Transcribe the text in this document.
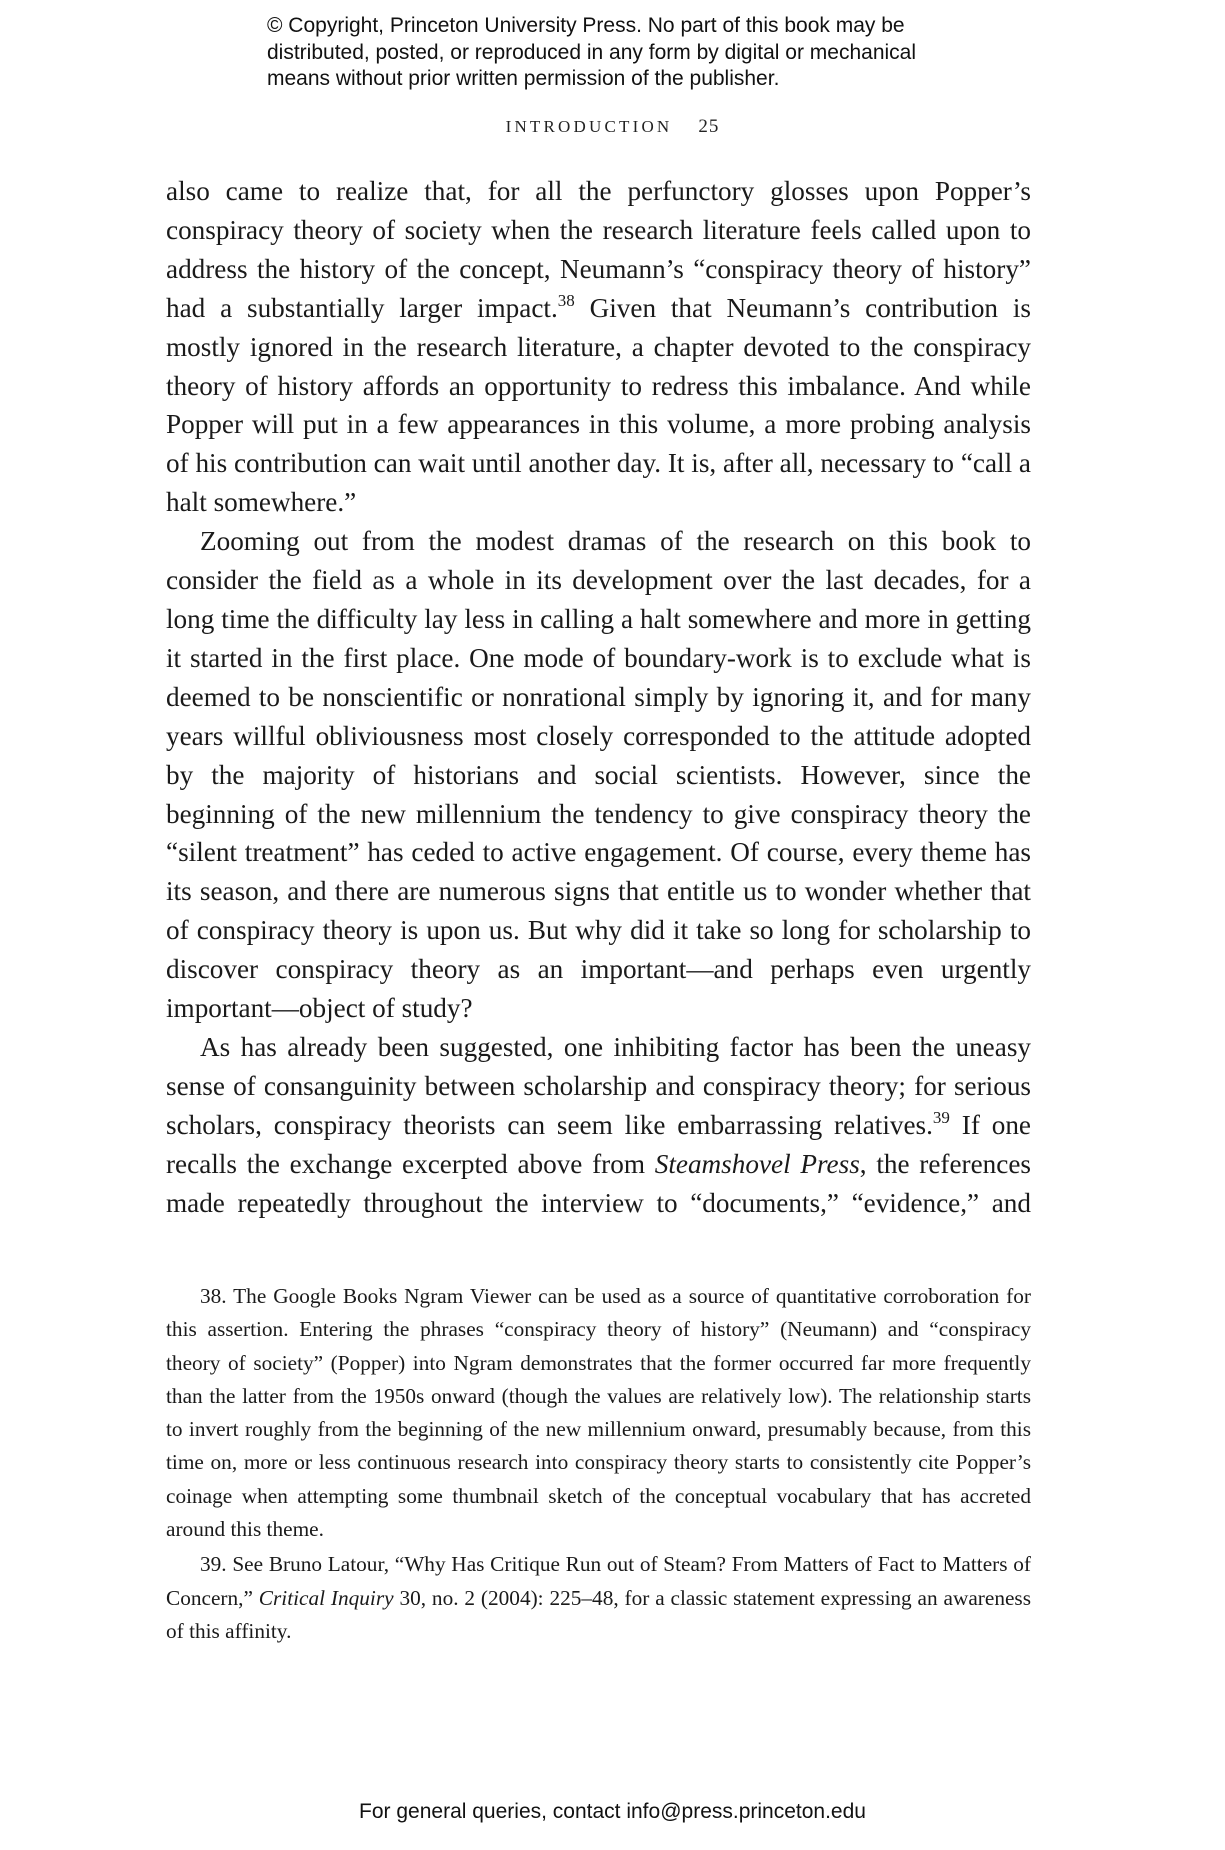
© Copyright, Princeton University Press. No part of this book may be
distributed, posted, or reproduced in any form by digital or mechanical
means without prior written permission of the publisher.
INTRODUCTION 25

also came to realize that, for all the perfunctory glosses upon Popper’s conspiracy theory of society when the research literature feels called upon to address the history of the concept, Neumann’s “conspiracy theory of history” had a substantially larger impact.$^{38}$ Given that Neumann’s contribution is mostly ignored in the research literature, a chapter devoted to the conspiracy theory of history affords an opportunity to redress this imbalance. And while Popper will put in a few appearances in this volume, a more probing analysis of his contribution can wait until another day. It is, after all, necessary to “call a halt somewhere.”

Zooming out from the modest dramas of the research on this book to consider the field as a whole in its development over the last decades, for a long time the difficulty lay less in calling a halt somewhere and more in getting it started in the first place. One mode of boundary-work is to exclude what is deemed to be nonscientific or nonrational simply by ignoring it, and for many years willful obliviousness most closely corresponded to the attitude adopted by the majority of historians and social scientists. However, since the beginning of the new millennium the tendency to give conspiracy theory the “silent treatment” has ceded to active engagement. Of course, every theme has its season, and there are numerous signs that entitle us to wonder whether that of conspiracy theory is upon us. But why did it take so long for scholarship to discover conspiracy theory as an important—and perhaps even urgently important—object of study?

As has already been suggested, one inhibiting factor has been the uneasy sense of consanguinity between scholarship and conspiracy theory; for serious scholars, conspiracy theorists can seem like embarrassing relatives.$^{39}$ If one recalls the exchange excerpted above from Steamshovel Press, the references made repeatedly throughout the interview to “documents,” “evidence,” and

38. The Google Books Ngram Viewer can be used as a source of quantitative corroboration for this assertion. Entering the phrases “conspiracy theory of history” (Neumann) and “conspiracy theory of society” (Popper) into Ngram demonstrates that the former occurred far more frequently than the latter from the 1950s onward (though the values are relatively low). The relationship starts to invert roughly from the beginning of the new millennium onward, presumably because, from this time on, more or less continuous research into conspiracy theory starts to consistently cite Popper’s coinage when attempting some thumbnail sketch of the conceptual vocabulary that has accreted around this theme.

39. See Bruno Latour, “Why Has Critique Run out of Steam? From Matters of Fact to Matters of Concern,” Critical Inquiry 30, no. 2 (2004): 225–48, for a classic statement expressing an awareness of this affinity.

For general queries, contact info@press.princeton.edu
